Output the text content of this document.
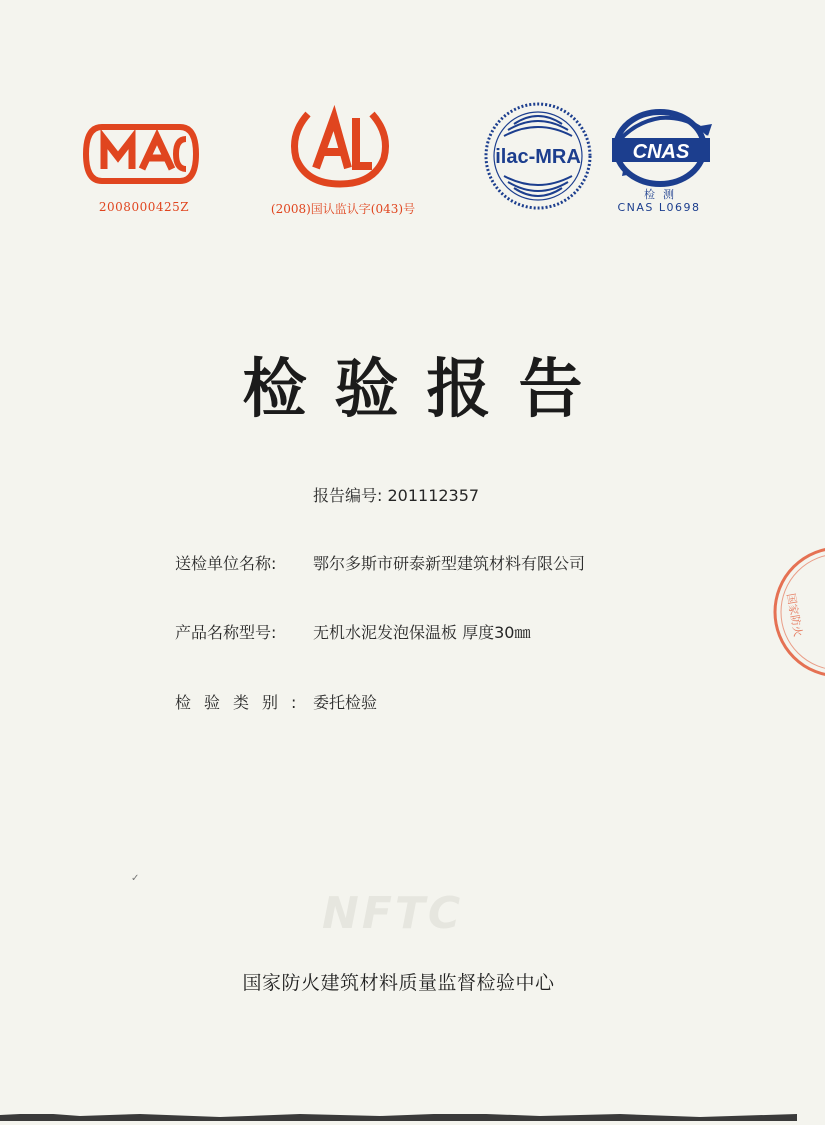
2008000425Z	(2008)国认监认字(043)号
ilac-MRA	CNAS
检测
CNAS L0698
检验报告
报告编号: 201112357
送检单位名称:	鄂尔多斯市研泰新型建筑材料有限公司
产品名称型号:	无机水泥发泡保温板 厚度30㎜
检验类别: 委托检验
✓
NFTC
国家防火建筑材料质量监督检验中心
国家防火
